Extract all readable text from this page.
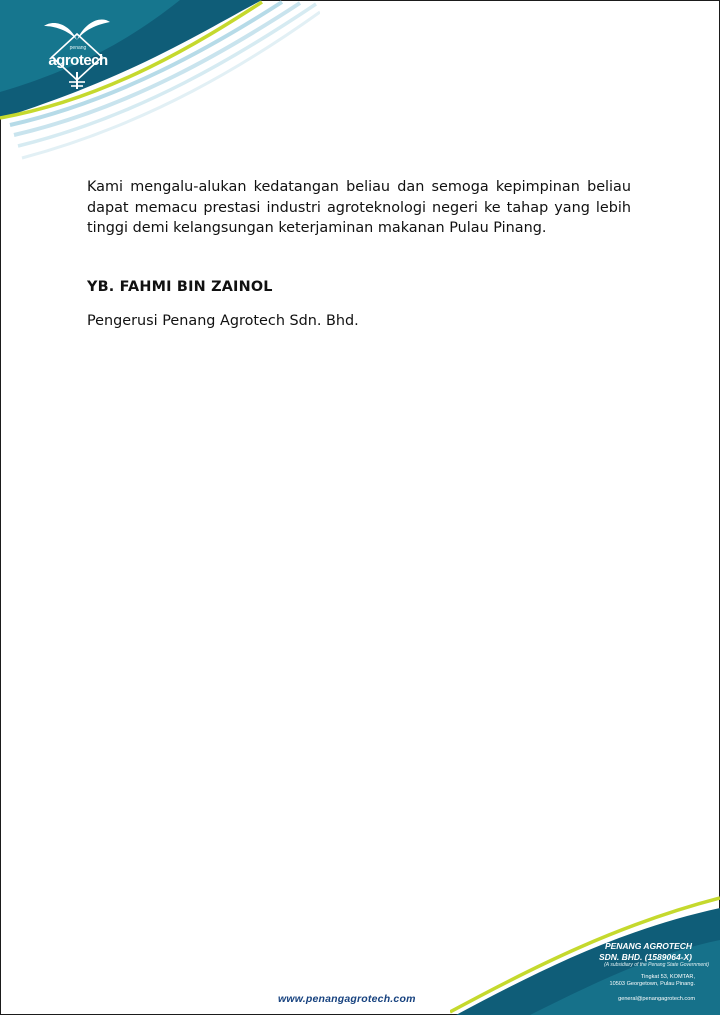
penang
agrotech

Kami mengalu-alukan kedatangan beliau dan semoga kepimpinan beliau dapat memacu prestasi industri agroteknologi negeri ke tahap yang lebih tinggi demi kelangsungan keterjaminan makanan Pulau Pinang.

YB. FAHMI BIN ZAINOL
Pengerusi Penang Agrotech Sdn. Bhd.
www.penangagrotech.com
PENANG AGROTECH
SDN. BHD. (1589064-X)
(A subsidiary of the Penang State Government)
Tingkat 53, KOMTAR,
10503 Georgetown, Pulau Pinang.
general@penangagrotech.com
